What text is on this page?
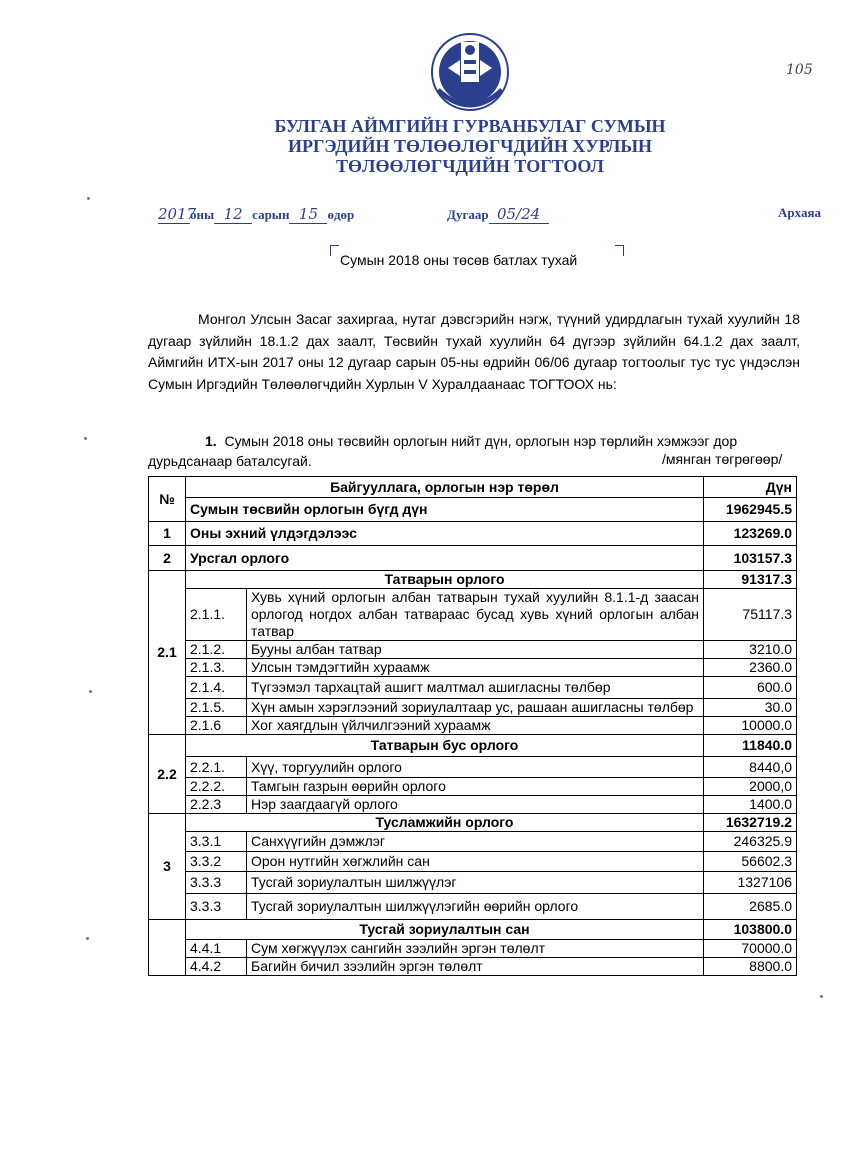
105
БУЛГАН АЙМГИЙН ГУРВАНБУЛАГ СУМЫН
ИРГЭДИЙН ТӨЛӨӨЛӨГЧДИЙН ХУРЛЫН
ТӨЛӨӨЛӨГЧДИЙН ТОГТООЛ
2017оны 12 сарын 15 өдөр	Дугаар 05/24	Архаяа
Сумын 2018 оны төсөв батлах тухай
Монгол Улсын Засаг захиргаа, нутаг дэвсгэрийн нэгж, түүний удирдлагын тухай хуулийн 18 дугаар зүйлийн 18.1.2 дах заалт, Төсвийн тухай хуулийн 64 дүгээр зүйлийн 64.1.2 дах заалт, Аймгийн ИТХ-ын 2017 оны 12 дугаар сарын 05-ны өдрийн 06/06 дугаар тогтоолыг тус тус үндэслэн Сумын Иргэдийн Төлөөлөгчдийн Хурлын V Хуралдаанаас ТОГТООХ нь:
1. Сумын 2018 оны төсвийн орлогын нийт дүн, орлогын нэр төрлийн хэмжээг дор дурьдсанаар баталсугай.	/мянган төгрөгөөр/
№	Байгууллага, орлогын нэр төрөл		Дүн
	Сумын төсвийн орлогын бүгд дүн		1962945.5
1	Оны эхний үлдэгдэлээс		123269.0
2	Урсгал орлого		103157.3
2.1	Татварын орлого		91317.3
	2.1.1.	Хувь хүний орлогын албан татварын тухай хуулийн 8.1.1-д заасан орлогод ногдох албан татвараас бусад хувь хүний орлогын албан татвар	75117.3
	2.1.2.	Бууны албан татвар	3210.0
	2.1.3.	Улсын тэмдэгтийн хураамж	2360.0
	2.1.4.	Түгээмэл тархацтай ашигт малтмал ашигласны төлбөр	600.0
	2.1.5.	Хүн амын хэрэглээний зориулалтаар ус, рашаан ашигласны төлбөр	30.0
	2.1.6	Хог хаягдлын үйлчилгээний хураамж	10000.0
2.2	Татварын бус орлого		11840.0
	2.2.1.	Хүү, торгуулийн орлого	8440,0
	2.2.2.	Тамгын газрын өөрийн орлого	2000,0
	2.2.3	Нэр заагдаагүй орлого	1400.0
3	Тусламжийн орлого		1632719.2
	3.3.1	Санхүүгийн дэмжлэг	246325.9
	3.3.2	Орон нутгийн хөгжлийн сан	56602.3
	3.3.3	Тусгай зориулалтын шилжүүлэг	1327106
	3.3.3	Тусгай зориулалтын шилжүүлэгийн өөрийн орлого	2685.0
	Тусгай зориулалтын сан		103800.0
	4.4.1	Сум хөгжүүлэх сангийн зээлийн эргэн төлөлт	70000.0
	4.4.2	Багийн бичил зээлийн эргэн төлөлт	8800.0
